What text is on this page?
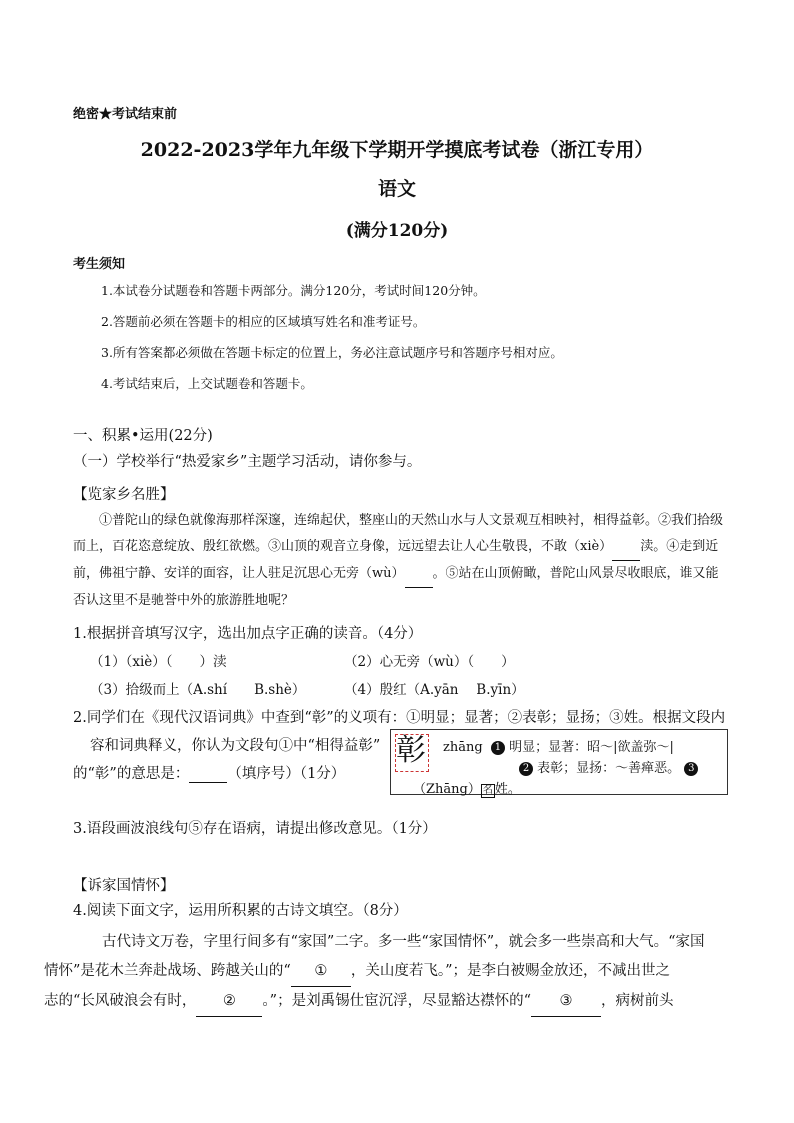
绝密★考试结束前
2022-2023学年九年级下学期开学摸底考试卷（浙江专用）
语文
(满分120分)
考生须知
1.本试卷分试题卷和答题卡两部分。满分120分，考试时间120分钟。
2.答题前必须在答题卡的相应的区域填写姓名和准考证号。
3.所有答案都必须做在答题卡标定的位置上，务必注意试题序号和答题序号相对应。
4.考试结束后，上交试题卷和答题卡。
一、积累•运用(22分)
（一）学校举行“热爱家乡”主题学习活动，请你参与。
【览家乡名胜】
①普陀山的绿色就像海那样深邃，连绵起伏，整座山的天然山水与人文景观互相映衬，相得益彰。②我们拾级而上，百花恣意绽放、殷红欲燃。③山顶的观音立身像，远远望去让人心生敬畏，不敢（xiè） 渎。④走到近前，佛祖宁静、安详的面容，让人驻足沉思心无旁（wù） 。⑤站在山顶俯瞰，普陀山风景尽收眼底，谁又能否认这里不是驰誉中外的旅游胜地呢？
1.根据拼音填写汉字，选出加点字正确的读音。（4分）
（1）（xiè）（　　）渎	（2）心无旁（wù）（　　）
（3）拾级而上（A.shí　　B.shè）	（4）殷红（A.yān　 B.yīn）
2.同学们在《现代汉语词典》中查到“彰”的义项有：①明显；显著；②表彰；显扬；③姓。根据文段内
容和词典释义，你认为文段句①中“相得益彰”
的“彰”的意思是：	（填序号）（1分）
彰 zhāng 1 明显；显著：昭～|欲盖弥～|
2 表彰；显扬：～善瘅恶。 3
（Zhāng） 名 姓。
3.语段画波浪线句⑤存在语病，请提出修改意见。（1分）
【诉家国情怀】
4.阅读下面文字，运用所积累的古诗文填空。（8分）
古代诗文万卷，字里行间多有“家国”二字。多一些“家国情怀”，就会多一些崇高和大气。“家国
情怀”是花木兰奔赴战场、跨越关山的“ ① ，关山度若飞。”；是李白被赐金放还，不减出世之
志的“长风破浪会有时， ② 。”；是刘禹锡仕宦沉浮，尽显豁达襟怀的“ ③ ，病树前头
